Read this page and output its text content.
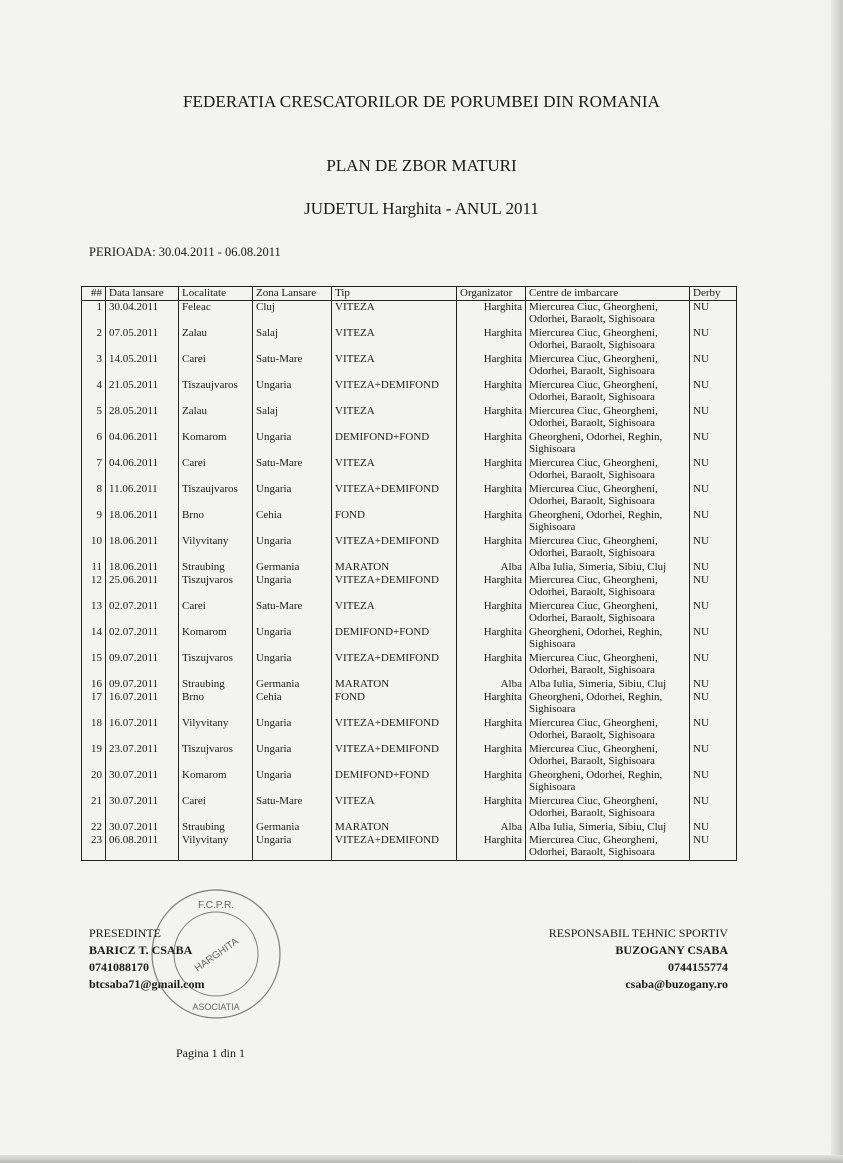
FEDERATIA CRESCATORILOR DE PORUMBEI DIN ROMANIA
PLAN DE ZBOR MATURI
JUDETUL Harghita - ANUL 2011
PERIOADA: 30.04.2011 - 06.08.2011
##	Data lansare	Localitate	Zona Lansare	Tip	Organizator	Centre de imbarcare	Derby
1	30.04.2011	Feleac	Cluj	VITEZA	Harghita	Miercurea Ciuc, Gheorgheni, Odorhei, Baraolt, Sighisoara	NU
2	07.05.2011	Zalau	Salaj	VITEZA	Harghita	Miercurea Ciuc, Gheorgheni, Odorhei, Baraolt, Sighisoara	NU
3	14.05.2011	Carei	Satu-Mare	VITEZA	Harghita	Miercurea Ciuc, Gheorgheni, Odorhei, Baraolt, Sighisoara	NU
4	21.05.2011	Tiszaujvaros	Ungaria	VITEZA+DEMIFOND	Harghita	Miercurea Ciuc, Gheorgheni, Odorhei, Baraolt, Sighisoara	NU
5	28.05.2011	Zalau	Salaj	VITEZA	Harghita	Miercurea Ciuc, Gheorgheni, Odorhei, Baraolt, Sighisoara	NU
6	04.06.2011	Komarom	Ungaria	DEMIFOND+FOND	Harghita	Gheorgheni, Odorhei, Reghin, Sighisoara	NU
7	04.06.2011	Carei	Satu-Mare	VITEZA	Harghita	Miercurea Ciuc, Gheorgheni, Odorhei, Baraolt, Sighisoara	NU
8	11.06.2011	Tiszaujvaros	Ungaria	VITEZA+DEMIFOND	Harghita	Miercurea Ciuc, Gheorgheni, Odorhei, Baraolt, Sighisoara	NU
9	18.06.2011	Brno	Cehia	FOND	Harghita	Gheorgheni, Odorhei, Reghin, Sighisoara	NU
10	18.06.2011	Vilyvitany	Ungaria	VITEZA+DEMIFOND	Harghita	Miercurea Ciuc, Gheorgheni, Odorhei, Baraolt, Sighisoara	NU
11	18.06.2011	Straubing	Germania	MARATON	Alba	Alba Iulia, Simeria, Sibiu, Cluj	NU
12	25.06.2011	Tiszujvaros	Ungaria	VITEZA+DEMIFOND	Harghita	Miercurea Ciuc, Gheorgheni, Odorhei, Baraolt, Sighisoara	NU
13	02.07.2011	Carei	Satu-Mare	VITEZA	Harghita	Miercurea Ciuc, Gheorgheni, Odorhei, Baraolt, Sighisoara	NU
14	02.07.2011	Komarom	Ungaria	DEMIFOND+FOND	Harghita	Gheorgheni, Odorhei, Reghin, Sighisoara	NU
15	09.07.2011	Tiszujvaros	Ungaria	VITEZA+DEMIFOND	Harghita	Miercurea Ciuc, Gheorgheni, Odorhei, Baraolt, Sighisoara	NU
16	09.07.2011	Straubing	Germania	MARATON	Alba	Alba Iulia, Simeria, Sibiu, Cluj	NU
17	16.07.2011	Brno	Cehia	FOND	Harghita	Gheorgheni, Odorhei, Reghin, Sighisoara	NU
18	16.07.2011	Vilyvitany	Ungaria	VITEZA+DEMIFOND	Harghita	Miercurea Ciuc, Gheorgheni, Odorhei, Baraolt, Sighisoara	NU
19	23.07.2011	Tiszujvaros	Ungaria	VITEZA+DEMIFOND	Harghita	Miercurea Ciuc, Gheorgheni, Odorhei, Baraolt, Sighisoara	NU
20	30.07.2011	Komarom	Ungaria	DEMIFOND+FOND	Harghita	Gheorgheni, Odorhei, Reghin, Sighisoara	NU
21	30.07.2011	Carei	Satu-Mare	VITEZA	Harghita	Miercurea Ciuc, Gheorgheni, Odorhei, Baraolt, Sighisoara	NU
22	30.07.2011	Straubing	Germania	MARATON	Alba	Alba Iulia, Simeria, Sibiu, Cluj	NU
23	06.08.2011	Vilyvitany	Ungaria	VITEZA+DEMIFOND	Harghita	Miercurea Ciuc, Gheorgheni, Odorhei, Baraolt, Sighisoara	NU
PRESEDINTE
BARICZ T. CSABA
0741088170
btcsaba71@gmail.com
HARGHITA
F.C.P.R.
ASOCIATIA
RESPONSABIL TEHNIC SPORTIV
BUZOGANY CSABA
0744155774
csaba@buzogany.ro
Pagina 1 din 1
